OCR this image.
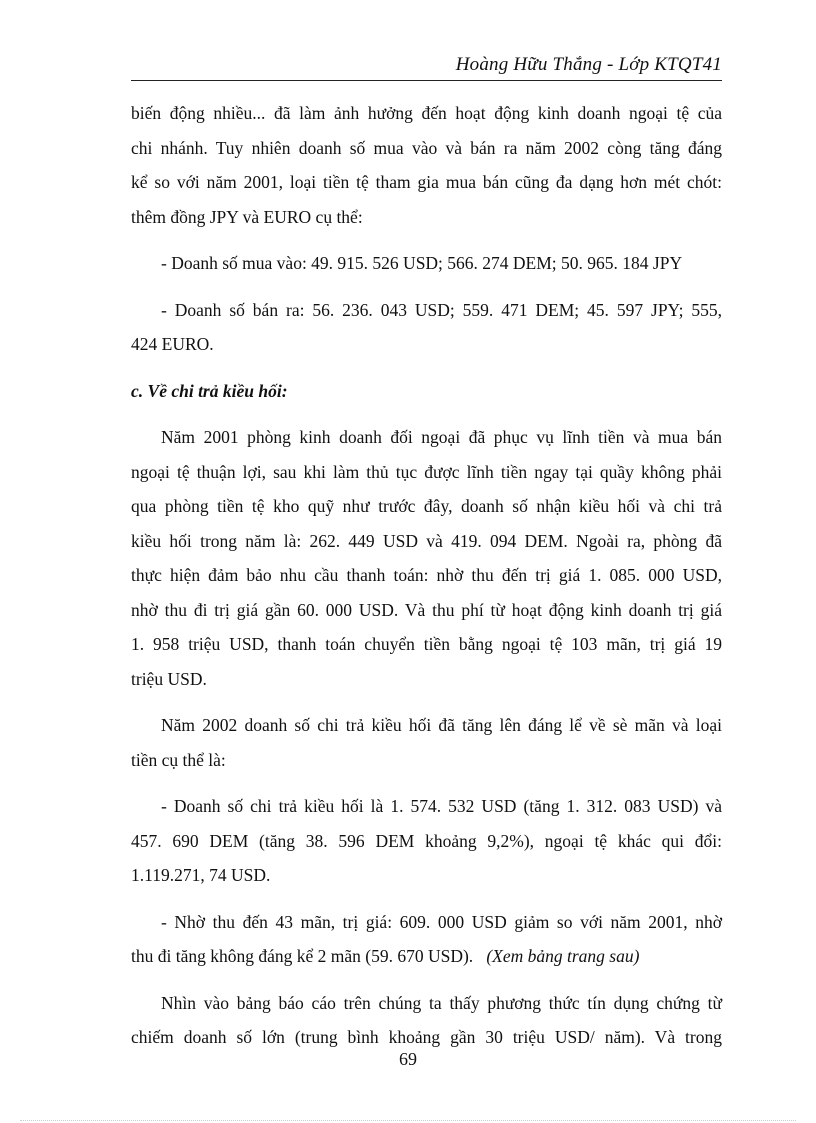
Hoàng Hữu Thắng - Lớp KTQT41
biến động nhiều... đã làm ảnh hưởng đến hoạt động kinh doanh ngoại tệ của
chi nhánh. Tuy nhiên doanh số mua vào và bán ra năm 2002 còng tăng đáng
kể so với năm 2001, loại tiền tệ tham gia mua bán cũng đa dạng hơn mét chót:
thêm đồng JPY và EURO cụ thể:
- Doanh số mua vào: 49. 915. 526 USD; 566. 274 DEM; 50. 965. 184 JPY
- Doanh số bán ra: 56. 236. 043 USD; 559. 471 DEM; 45. 597 JPY; 555,
424 EURO.
c. Về chi trả kiều hối:
Năm 2001 phòng kinh doanh đối ngoại đã phục vụ lĩnh tiền và mua bán
ngoại tệ thuận lợi, sau khi làm thủ tục được lĩnh tiền ngay tại quầy không phải
qua phòng tiền tệ kho quỹ như trước đây, doanh số nhận kiều hối và chi trả
kiều hối trong năm là: 262. 449 USD và 419. 094 DEM. Ngoài ra, phòng đã
thực hiện đảm bảo nhu cầu thanh toán: nhờ thu đến trị giá 1. 085. 000 USD,
nhờ thu đi trị giá gần 60. 000 USD. Và thu phí từ hoạt động kinh doanh trị giá
1. 958 triệu USD, thanh toán chuyển tiền bằng ngoại tệ 103 mãn, trị giá 19
triệu USD.
Năm 2002 doanh số chi trả kiều hối đã tăng lên đáng lể về sè mãn và loại
tiền cụ thể là:
- Doanh số chi trả kiều hối là 1. 574. 532 USD (tăng 1. 312. 083 USD) và
457. 690 DEM (tăng 38. 596 DEM khoảng 9,2%), ngoại tệ khác qui đổi:
1.119.271, 74 USD.
- Nhờ thu đến 43 mãn, trị giá: 609. 000 USD giảm so với năm 2001, nhờ
thu đi tăng không đáng kể 2 mãn (59. 670 USD). (Xem bảng trang sau)
Nhìn vào bảng báo cáo trên chúng ta thấy phương thức tín dụng chứng từ
chiếm doanh số lớn (trung bình khoảng gần 30 triệu USD/ năm). Và trong
69
